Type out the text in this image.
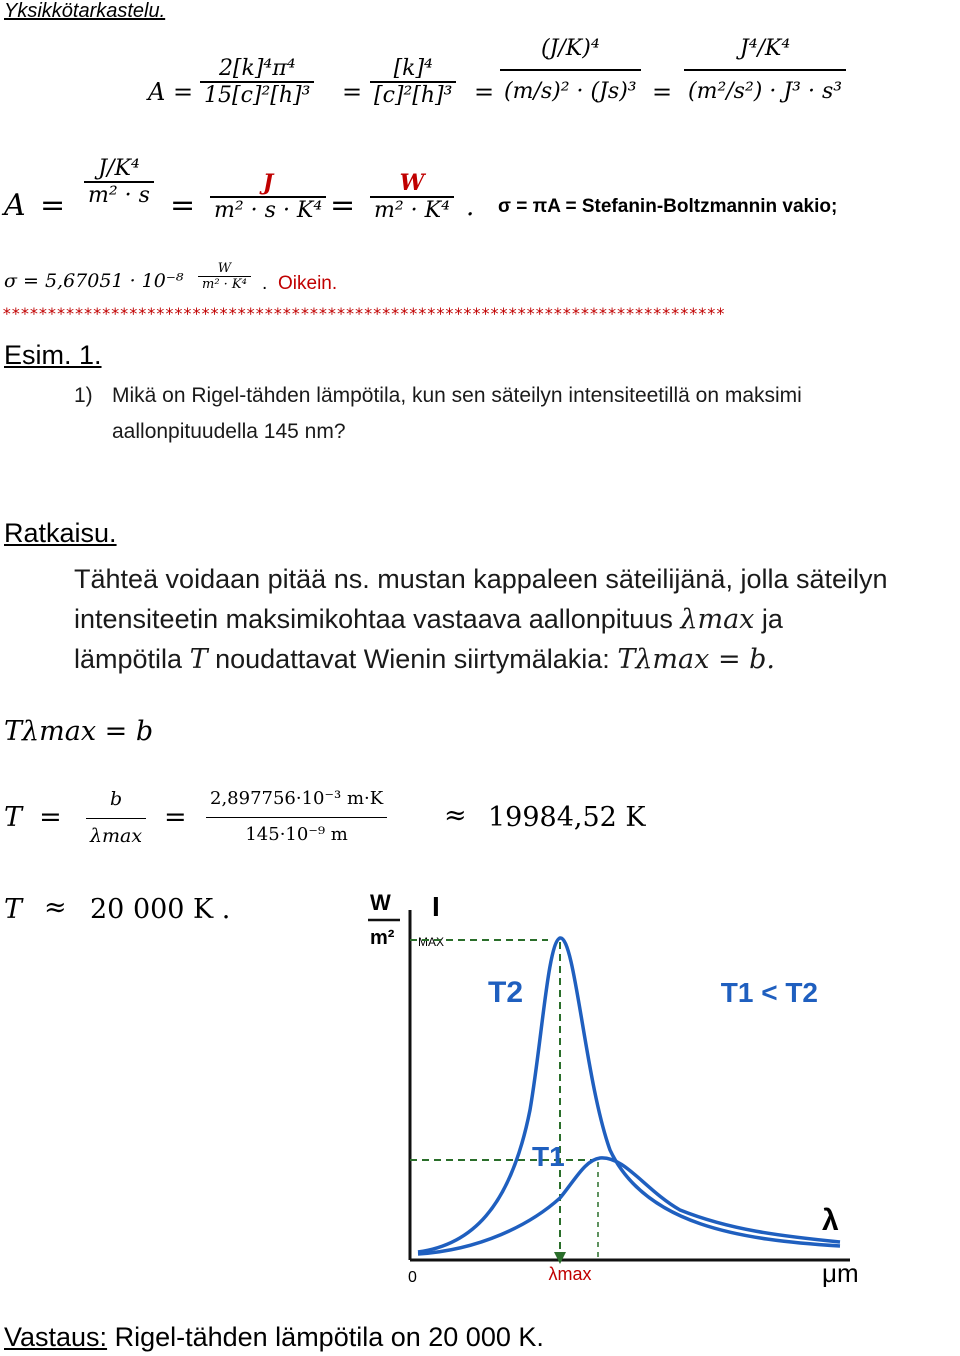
Yksikkötarkastelu.
A =
2[k]⁴π⁴
15[c]²[h]³ =
[k]⁴
[c]²[h]³ =
(J/K)⁴
(m/s)² · (Js)³ =
J⁴/K⁴
(m²/s²) · J³ · s³
A =
J/K⁴
m² · s =
J
m² · s · K⁴ =
W
m² · K⁴ . σ = πA = Stefanin-Boltzmannin vakio;
σ = 5,67051 · 10⁻⁸
W
m² · K⁴ . Oikein.
********************************************************************************
Esim. 1.
1) Mikä on Rigel-tähden lämpötila, kun sen säteilyn intensiteetillä on maksimi
aallonpituudella 145 nm?
Ratkaisu.
Tähteä voidaan pitää ns. mustan kappaleen säteilijänä, jolla säteilyn
intensiteetin maksimikohtaa vastaava aallonpituus λmax ja
lämpötila T noudattavat Wienin siirtymälakia: Tλmax = b.
Tλmax = b
T  =
b
λmax
=
2,897756·10⁻³ m·K
145·10⁻⁹ m
≈ 19984,52 K
T ≈ 20 000 K .	W
m²
I
MAX
T2
T1
T1 < T2
λ
μm
0	λmax
Vastaus: Rigel-tähden lämpötila on 20 000 K.
